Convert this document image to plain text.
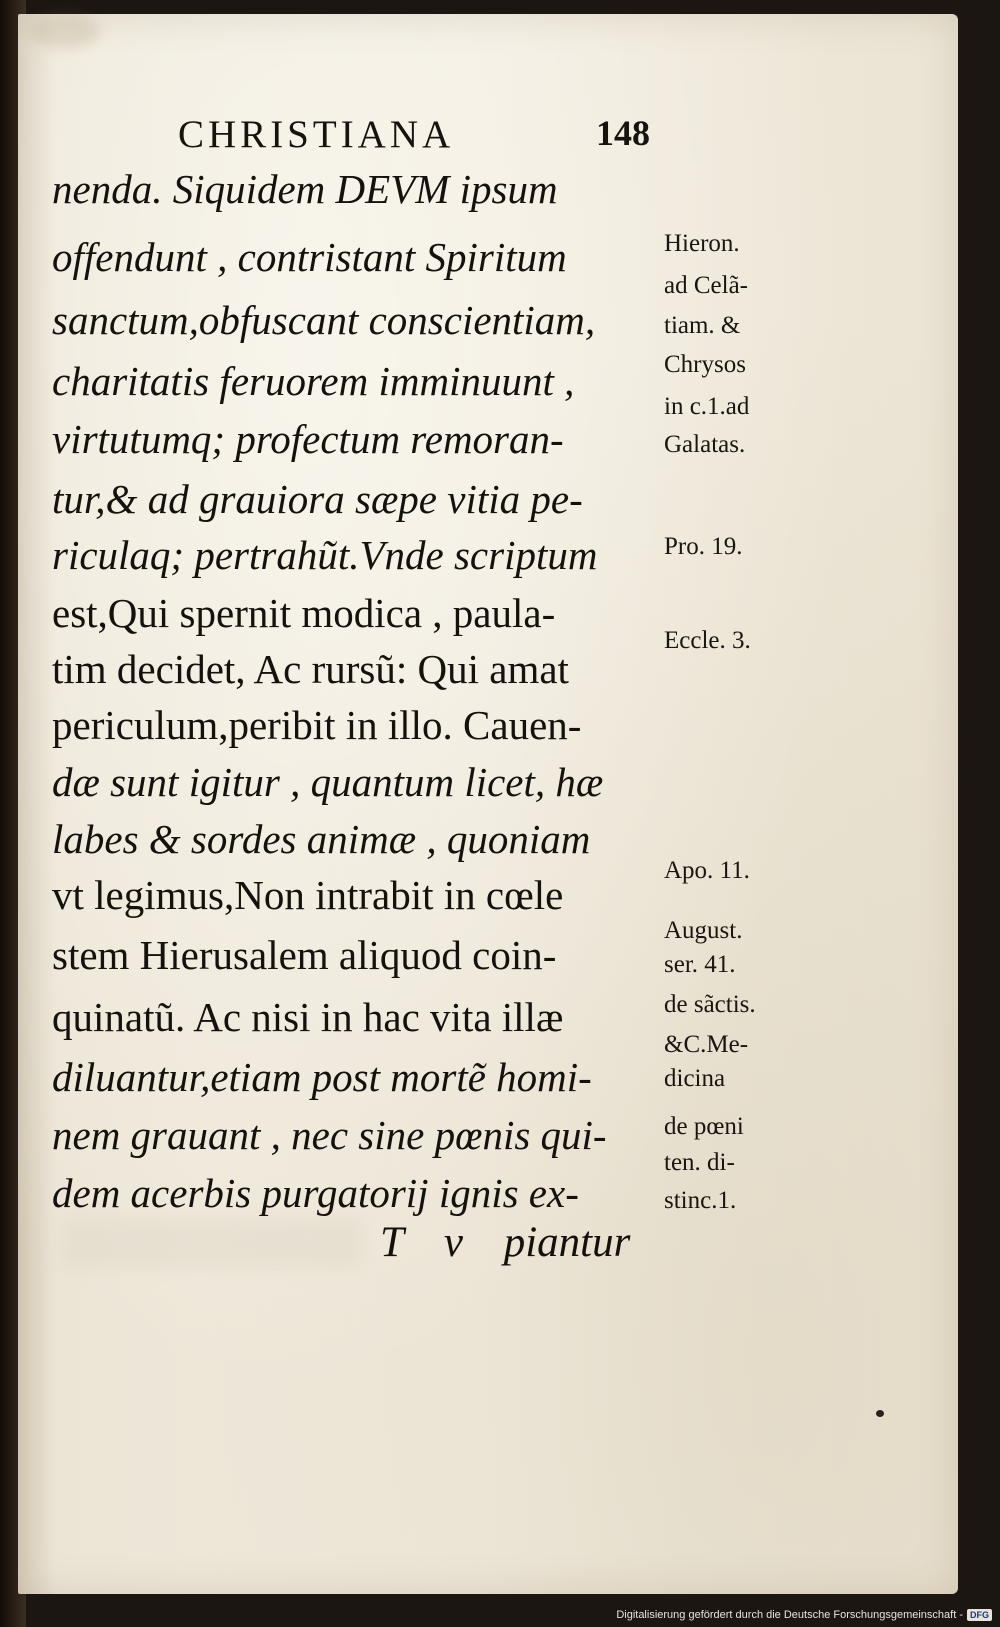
CHRISTIANA	148
nenda. Siquidem DEVM ipsum
offendunt , contristant Spiritum
sanctum,obfuscant conscientiam,
charitatis feruorem imminuunt ,
virtutumq; profectum remoran-
tur,& ad grauiora sæpe vitia pe-
riculaq; pertrahũt.Vnde scriptum
est,Qui spernit modica , paula-
tim decidet, Ac rursũ: Qui amat
periculum,peribit in illo. Cauen-
dæ sunt igitur , quantum licet, hæ
labes & sordes animæ , quoniam
vt legimus,Non intrabit in cœle
stem Hierusalem aliquod coin-
quinatũ. Ac nisi in hac vita illæ
diluantur,etiam post mortẽ homi-
nem grauant , nec sine pœnis qui-
dem acerbis purgatorij ignis ex-
Hieron.
ad Celã-
tiam. &
Chrysos
in c.1.ad
Galatas.
Pro. 19.
Eccle. 3.
Apo. 11.
August.
ser. 41.
de sãctis.
&C.Me-
dicina
de pœni
ten. di-
stinc.1.
T v piantur
Digitalisierung gefördert durch die Deutsche Forschungsgemeinschaft - DFG
